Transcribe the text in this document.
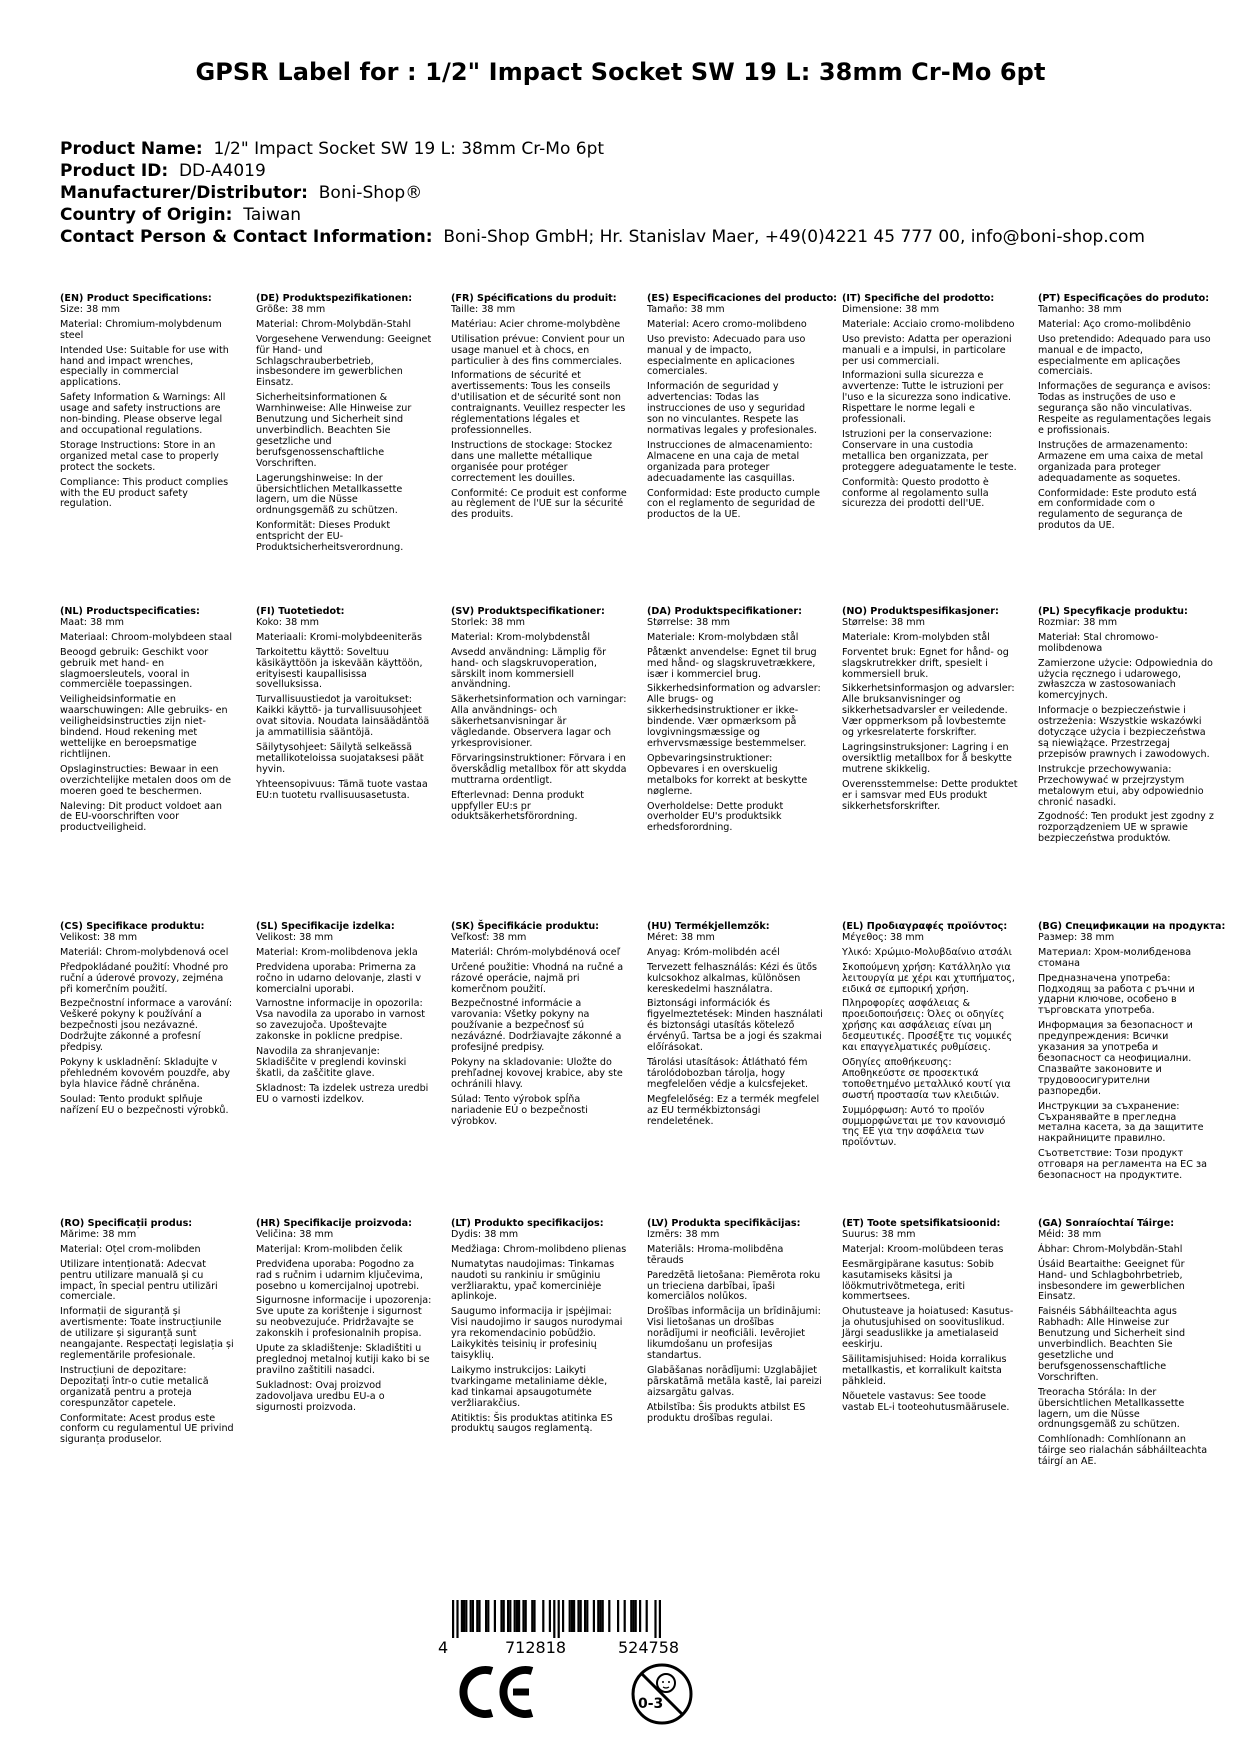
GPSR Label for : 1/2" Impact Socket SW 19 L: 38mm Cr-Mo 6pt
Product Name: 1/2" Impact Socket SW 19 L: 38mm Cr-Mo 6pt
Product ID: DD-A4019
Manufacturer/Distributor: Boni-Shop®
Country of Origin: Taiwan
Contact Person & Contact Information: Boni-Shop GmbH; Hr. Stanislav Maer, +49(0)4221 45 777 00, info@boni-shop.com
(EN) Product Specifications:

Size: 38 mm

Material: Chromium-molybdenum steel

Intended Use: Suitable for use with hand and impact wrenches, especially in commercial applications.

Safety Information & Warnings: All usage and safety instructions are non-binding. Please observe legal and occupational regulations.

Storage Instructions: Store in an organized metal case to properly protect the sockets.

Compliance: This product complies with the EU product safety regulation.

(DE) Produktspezifikationen:

Größe: 38 mm

Material: Chrom-Molybdän-Stahl

Vorgesehene Verwendung: Geeignet für Hand- und Schlagschrauberbetrieb, insbesondere im gewerblichen Einsatz.

Sicherheitsinformationen & Warnhinweise: Alle Hinweise zur Benutzung und Sicherheit sind unverbindlich. Beachten Sie gesetzliche und berufsgenossenschaftliche Vorschriften.

Lagerungshinweise: In der übersichtlichen Metallkassette lagern, um die Nüsse ordnungsgemäß zu schützen.

Konformität: Dieses Produkt entspricht der EU-Produktsicherheitsverordnung.

(FR) Spécifications du produit:

Taille: 38 mm

Matériau: Acier chrome-molybdène

Utilisation prévue: Convient pour un usage manuel et à chocs, en particulier à des fins commerciales.

Informations de sécurité et avertissements: Tous les conseils d'utilisation et de sécurité sont non contraignants. Veuillez respecter les réglementations légales et professionnelles.

Instructions de stockage: Stockez dans une mallette métallique organisée pour protéger correctement les douilles.

Conformité: Ce produit est conforme au règlement de l'UE sur la sécurité des produits.

(ES) Especificaciones del producto:

Tamaño: 38 mm

Material: Acero cromo-molibdeno

Uso previsto: Adecuado para uso manual y de impacto, especialmente en aplicaciones comerciales.

Información de seguridad y advertencias: Todas las instrucciones de uso y seguridad son no vinculantes. Respete las normativas legales y profesionales.

Instrucciones de almacenamiento: Almacene en una caja de metal organizada para proteger adecuadamente las casquillas.

Conformidad: Este producto cumple con el reglamento de seguridad de productos de la UE.

(IT) Specifiche del prodotto:

Dimensione: 38 mm

Materiale: Acciaio cromo-molibdeno

Uso previsto: Adatta per operazioni manuali e a impulsi, in particolare per usi commerciali.

Informazioni sulla sicurezza e avvertenze: Tutte le istruzioni per l'uso e la sicurezza sono indicative. Rispettare le norme legali e professionali.

Istruzioni per la conservazione: Conservare in una custodia metallica ben organizzata, per proteggere adeguatamente le teste.

Conformità: Questo prodotto è conforme al regolamento sulla sicurezza dei prodotti dell'UE.

(PT) Especificações do produto:

Tamanho: 38 mm

Material: Aço cromo-molibdênio

Uso pretendido: Adequado para uso manual e de impacto, especialmente em aplicações comerciais.

Informações de segurança e avisos: Todas as instruções de uso e segurança são não vinculativas. Respeite as regulamentações legais e profissionais.

Instruções de armazenamento: Armazene em uma caixa de metal organizada para proteger adequadamente as soquetes.

Conformidade: Este produto está em conformidade com o regulamento de segurança de produtos da UE.

(NL) Productspecificaties:

Maat: 38 mm

Materiaal: Chroom-molybdeen staal

Beoogd gebruik: Geschikt voor gebruik met hand- en slagmoersleutels, vooral in commerciële toepassingen.

Veiligheidsinformatie en waarschuwingen: Alle gebruiks- en veiligheidsinstructies zijn niet-bindend. Houd rekening met wettelijke en beroepsmatige richtlijnen.

Opslaginstructies: Bewaar in een overzichtelijke metalen doos om de moeren goed te beschermen.

Naleving: Dit product voldoet aan de EU-voorschriften voor productveiligheid.

(FI) Tuotetiedot:

Koko: 38 mm

Materiaali: Kromi-molybdeeniteräs

Tarkoitettu käyttö: Soveltuu käsikäyttöön ja iskevään käyttöön, erityisesti kaupallisissa sovelluksissa.

Turvallisuustiedot ja varoitukset: Kaikki käyttö- ja turvallisuusohjeet ovat sitovia. Noudata lainsäädäntöä ja ammatillisia sääntöjä.

Säilytysohjeet: Säilytä selkeässä metallikoteloissa suojataksesi päät hyvin.

Yhteensopivuus: Tämä tuote vastaa EU:n tuotetu rvallisuusasetusta.

(SV) Produktspecifikationer:

Storlek: 38 mm

Material: Krom-molybdenstål

Avsedd användning: Lämplig för hand- och slagskruvoperation, särskilt inom kommersiell användning.

Säkerhetsinformation och varningar: Alla användnings- och säkerhetsanvisningar är vägledande. Observera lagar och yrkesprovisioner.

Förvaringsinstruktioner: Förvara i en överskådlig metallbox för att skydda muttrarna ordentligt.

Efterlevnad: Denna produkt uppfyller EU:s pr oduktsäkerhetsförordning.

(DA) Produktspecifikationer:

Størrelse: 38 mm

Materiale: Krom-molybdæn stål

Påtænkt anvendelse: Egnet til brug med hånd- og slagskruvetrækkere, især i kommerciel brug.

Sikkerhedsinformation og advarsler: Alle brugs- og sikkerhedsinstruktioner er ikke-bindende. Vær opmærksom på lovgivningsmæssige og erhvervsmæssige bestemmelser.

Opbevaringsinstruktioner: Opbevares i en overskuelig metalboks for korrekt at beskytte nøglerne.

Overholdelse: Dette produkt overholder EU's produktsikk erhedsforordning.

(NO) Produktspesifikasjoner:

Størrelse: 38 mm

Materiale: Krom-molybden stål

Forventet bruk: Egnet for hånd- og slagskrutrekker drift, spesielt i kommersiell bruk.

Sikkerhetsinformasjon og advarsler: Alle bruksanvisninger og sikkerhetsadvarsler er veiledende. Vær oppmerksom på lovbestemte og yrkesrelaterte forskrifter.

Lagringsinstruksjoner: Lagring i en oversiktlig metallbox for å beskytte mutrene skikkelig.

Overensstemmelse: Dette produktet er i samsvar med EUs produkt sikkerhetsforskrifter.

(PL) Specyfikacje produktu:

Rozmiar: 38 mm

Materiał: Stal chromowo-molibdenowa

Zamierzone użycie: Odpowiednia do użycia ręcznego i udarowego, zwłaszcza w zastosowaniach komercyjnych.

Informacje o bezpieczeństwie i ostrzeżenia: Wszystkie wskazówki dotyczące użycia i bezpieczeństwa są niewiążące. Przestrzegaj przepisów prawnych i zawodowych.

Instrukcje przechowywania: Przechowywać w przejrzystym metalowym etui, aby odpowiednio chronić nasadki.

Zgodność: Ten produkt jest zgodny z rozporządzeniem UE w sprawie bezpieczeństwa produktów.

(CS) Specifikace produktu:

Velikost: 38 mm

Materiál: Chrom-molybdenová ocel

Předpokládané použití: Vhodné pro ruční a úderové provozy, zejména při komerčním použití.

Bezpečnostní informace a varování: Veškeré pokyny k používání a bezpečnosti jsou nezávazné. Dodržujte zákonné a profesní předpisy.

Pokyny k uskladnění: Skladujte v přehledném kovovém pouzdře, aby byla hlavice řádně chráněna.

Soulad: Tento produkt splňuje nařízení EU o bezpečnosti výrobků.

(SL) Specifikacije izdelka:

Velikost: 38 mm

Material: Krom-molibdenova jekla

Predvidena uporaba: Primerna za ročno in udarno delovanje, zlasti v komercialni uporabi.

Varnostne informacije in opozorila: Vsa navodila za uporabo in varnost so zavezujoča. Upoštevajte zakonske in poklicne predpise.

Navodila za shranjevanje: Skladiščite v preglendi kovinski škatli, da zaščitite glave.

Skladnost: Ta izdelek ustreza uredbi EU o varnosti izdelkov.

(SK) Špecifikácie produktu:

Veľkosť: 38 mm

Materiál: Chróm-molybdénová oceľ

Určené použitie: Vhodná na ručné a rázové operácie, najmä pri komerčnom použití.

Bezpečnostné informácie a varovania: Všetky pokyny na používanie a bezpečnosť sú nezávázné. Dodržiavajte zákonné a profesijné predpisy.

Pokyny na skladovanie: Uložte do prehľadnej kovovej krabice, aby ste ochránili hlavy.

Súlad: Tento výrobok spĺňa nariadenie EÚ o bezpečnosti výrobkov.

(HU) Termékjellemzők:

Méret: 38 mm

Anyag: Króm-molibdén acél

Tervezett felhasználás: Kézi és ütős kulcsokhoz alkalmas, különösen kereskedelmi használatra.

Biztonsági információk és figyelmeztetések: Minden használati és biztonsági utasítás kötelező érvényű. Tartsa be a jogi és szakmai előírásokat.

Tárolási utasítások: Átlátható fém tárolódobozban tárolja, hogy megfelelően védje a kulcsfejeket.

Megfelelőség: Ez a termék megfelel az EU termékbiztonsági rendeletének.

(EL) Προδιαγραφές προϊόντος:

Μέγεθος: 38 mm

Υλικό: Χρώμιο-Μολυβδαίνιο ατσάλι

Σκοπούμενη χρήση: Κατάλληλο για λειτουργία με χέρι και χτυπήματος, ειδικά σε εμπορική χρήση.

Πληροφορίες ασφάλειας & προειδοποιήσεις: Όλες οι οδηγίες χρήσης και ασφάλειας είναι μη δεσμευτικές. Προσέξτε τις νομικές και επαγγελματικές ρυθμίσεις.

Οδηγίες αποθήκευσης: Αποθηκεύστε σε προσεκτικά τοποθετημένο μεταλλικό κουτί για σωστή προστασία των κλειδιών.

Συμμόρφωση: Αυτό το προϊόν συμμορφώνεται με τον κανονισμό της ΕΕ για την ασφάλεια των προϊόντων.

(BG) Спецификации на продукта:

Размер: 38 mm

Материал: Хром-молибденова стомана

Предназначена употреба: Подходящ за работа с ръчни и ударни ключове, особено в търговската употреба.

Информация за безопасност и предупреждения: Всички указания за употреба и безопасност са неофициални. Спазвайте законовите и трудовоосигурителни разпоредби.

Инструкции за съхранение: Съхранявайте в прегледна метална касета, за да защитите накрайниците правилно.

Съответствие: Този продукт отговаря на регламента на ЕС за безопасност на продуктите.

(RO) Specificații produs:

Mărime: 38 mm

Material: Oțel crom-molibden

Utilizare intenționată: Adecvat pentru utilizare manuală și cu impact, în special pentru utilizări comerciale.

Informații de siguranță și avertismente: Toate instrucțiunile de utilizare și siguranță sunt neangajante. Respectați legislația și reglementările profesionale.

Instrucțiuni de depozitare: Depozitați într-o cutie metalică organizată pentru a proteja corespunzător capetele.

Conformitate: Acest produs este conform cu regulamentul UE privind siguranța produselor.

(HR) Specifikacije proizvoda:

Veličina: 38 mm

Materijal: Krom-molibden čelik

Predviđena uporaba: Pogodno za rad s ručnim i udarnim ključevima, posebno u komercijalnoj upotrebi.

Sigurnosne informacije i upozorenja: Sve upute za korištenje i sigurnost su neobvezujuće. Pridržavajte se zakonskih i profesionalnih propisa.

Upute za skladištenje: Skladištiti u preglednoj metalnoj kutiji kako bi se pravilno zaštitili nasadci.

Sukladnost: Ovaj proizvod zadovoljava uredbu EU-a o sigurnosti proizvoda.

(LT) Produkto specifikacijos:

Dydis: 38 mm

Medžiaga: Chrom-molibdeno plienas

Numatytas naudojimas: Tinkamas naudoti su rankiniu ir smūginiu veržliaraktu, ypač komerciniėje aplinkoje.

Saugumo informacija ir įspėjimai: Visi naudojimo ir saugos nurodymai yra rekomendacinio pobūdžio. Laikykitės teisinių ir profesinių taisyklių.

Laikymo instrukcijos: Laikyti tvarkingame metaliniame dėkle, kad tinkamai apsaugotumėte veržliarakčius.

Atitiktis: Šis produktas atitinka ES produktų saugos reglamentą.

(LV) Produkta specifikācijas:

Izmērs: 38 mm

Materiāls: Hroma-molibdēna tērauds

Paredzētā lietošana: Piemērota roku un trieciena darbībai, īpaši komerciālos nolūkos.

Drošības informācija un brīdinājumi: Visi lietošanas un drošības norādījumi ir neoficiāli. Ievērojiet likumdošanu un profesijas standartus.

Glabāšanas norādījumi: Uzglabājiet pārskatāmā metāla kastē, lai pareizi aizsargātu galvas.

Atbilstība: Šis produkts atbilst ES produktu drošības regulai.

(ET) Toote spetsifikatsioonid:

Suurus: 38 mm

Materjal: Kroom-molübdeen teras

Eesmärgipärane kasutus: Sobib kasutamiseks käsitsi ja löökmutrivõtmetega, eriti kommertsees.

Ohutusteave ja hoiatused: Kasutus- ja ohutusjuhised on soovituslikud. Järgi seaduslikke ja ametialaseid eeskirju.

Säilitamisjuhised: Hoida korralikus metallkastis, et korralikult kaitsta pähkleid.

Nõuetele vastavus: See toode vastab EL-i tooteohutusmäärusele.

(GA) Sonraíochtaí Táirge:

Méid: 38 mm

Ábhar: Chrom-Molybdän-Stahl

Úsáid Beartaithe: Geeignet für Hand- und Schlagbohrbetrieb, insbesondere im gewerblichen Einsatz.

Faisnéis Sábháilteachta agus Rabhadh: Alle Hinweise zur Benutzung und Sicherheit sind unverbindlich. Beachten Sie gesetzliche und berufsgenossenschaftliche Vorschriften.

Treoracha Stórála: In der übersichtlichen Metallkassette lagern, um die Nüsse ordnungsgemäß zu schützen.

Comhlíonadh: Comhlíonann an táirge seo rialachán sábháilteachta táirgí an AE.

4	712818	524758
0-3
